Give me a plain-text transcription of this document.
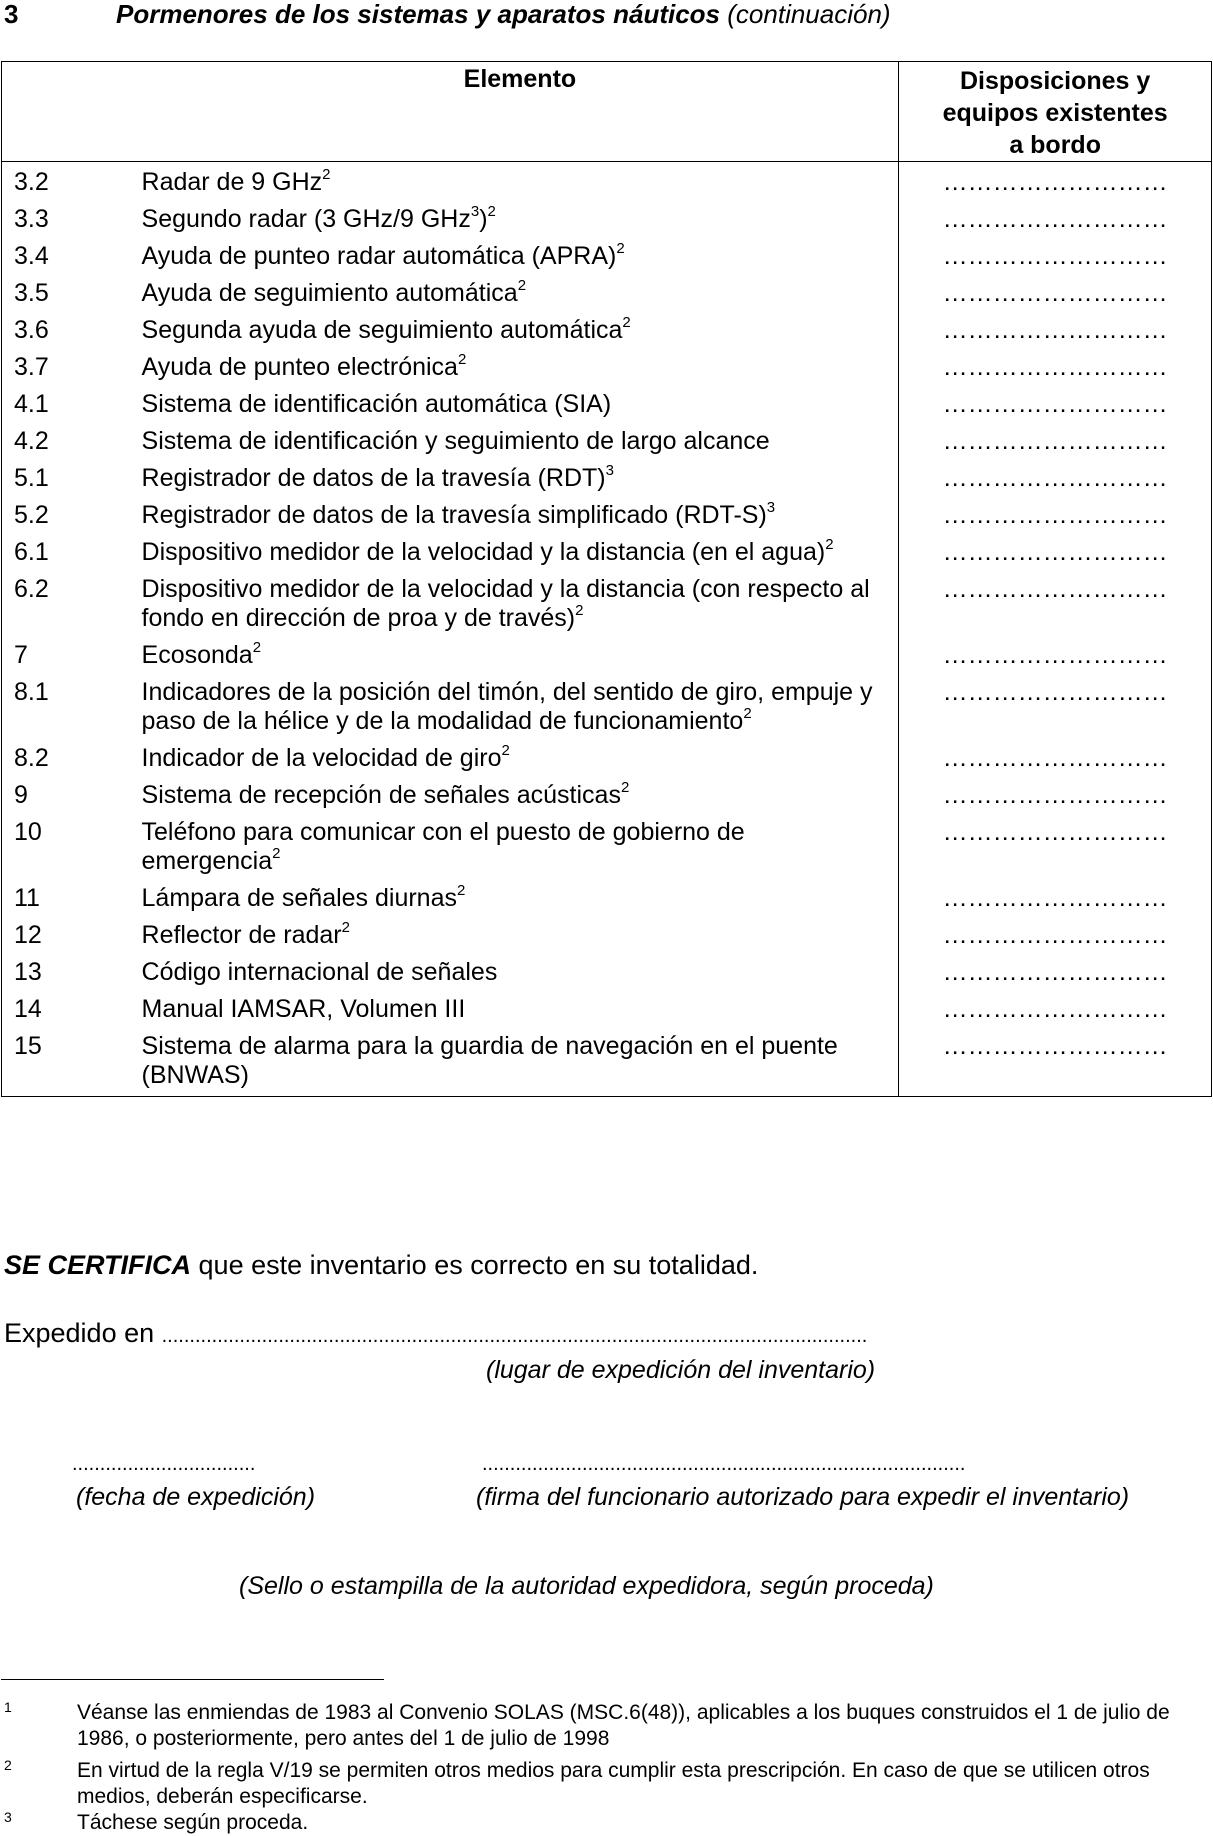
3	Pormenores de los sistemas y aparatos náuticos (continuación)
	Elemento	Disposiciones y
equipos existentes
a bordo

3.2	Radar de 9 GHz$^2$	………………………
3.3	Segundo radar (3 GHz/9 GHz$^3$)$^2$	………………………
3.4	Ayuda de punteo radar automática (APRA)$^2$	………………………
3.5	Ayuda de seguimiento automática$^2$	………………………
3.6	Segunda ayuda de seguimiento automática$^2$	………………………
3.7	Ayuda de punteo electrónica$^2$	………………………
4.1	Sistema de identificación automática (SIA)	………………………
4.2	Sistema de identificación y seguimiento de largo alcance	………………………
5.1	Registrador de datos de la travesía (RDT)$^3$	………………………
5.2	Registrador de datos de la travesía simplificado $(RDT-S)^3$	………………………
6.1	Dispositivo medidor de la velocidad y la distancia (en el agua)$^2$	………………………
6.2	Dispositivo medidor de la velocidad y la distancia (con respecto al fondo en dirección de proa y de través)$^2$	………………………
7	Ecosonda$^2$	………………………
8.1	Indicadores de la posición del timón, del sentido de giro, empuje y paso de la hélice y de la modalidad de funcionamiento$^2$	………………………
8.2	Indicador de la velocidad de giro$^2$	………………………
9	Sistema de recepción de señales acústicas$^2$	………………………
10	Teléfono para comunicar con el puesto de gobierno de emergencia$^2$	………………………
11	Lámpara de señales diurnas$^2$	………………………
12	Reflector de radar$^2$	………………………
13	Código internacional de señales	………………………
14	Manual IAMSAR, Volumen III	………………………
15	Sistema de alarma para la guardia de navegación en el puente (BNWAS)	………………………
SE CERTIFICA que este inventario es correcto en su totalidad.
Expedido en ...............................................................................................................................
(lugar de expedición del inventario)
.................................	.......................................................................................
(fecha de expedición)	(firma del funcionario autorizado para expedir el inventario)
(Sello o estampilla de la autoridad expedidora, según proceda)
1	Véanse las enmiendas de 1983 al Convenio SOLAS (MSC.6(48)), aplicables a los buques construidos el 1 de julio de 1986, o posteriormente, pero antes del 1 de julio de 1998
2	En virtud de la regla V/19 se permiten otros medios para cumplir esta prescripción. En caso de que se utilicen otros medios, deberán especificarse.
3	Táchese según proceda.
